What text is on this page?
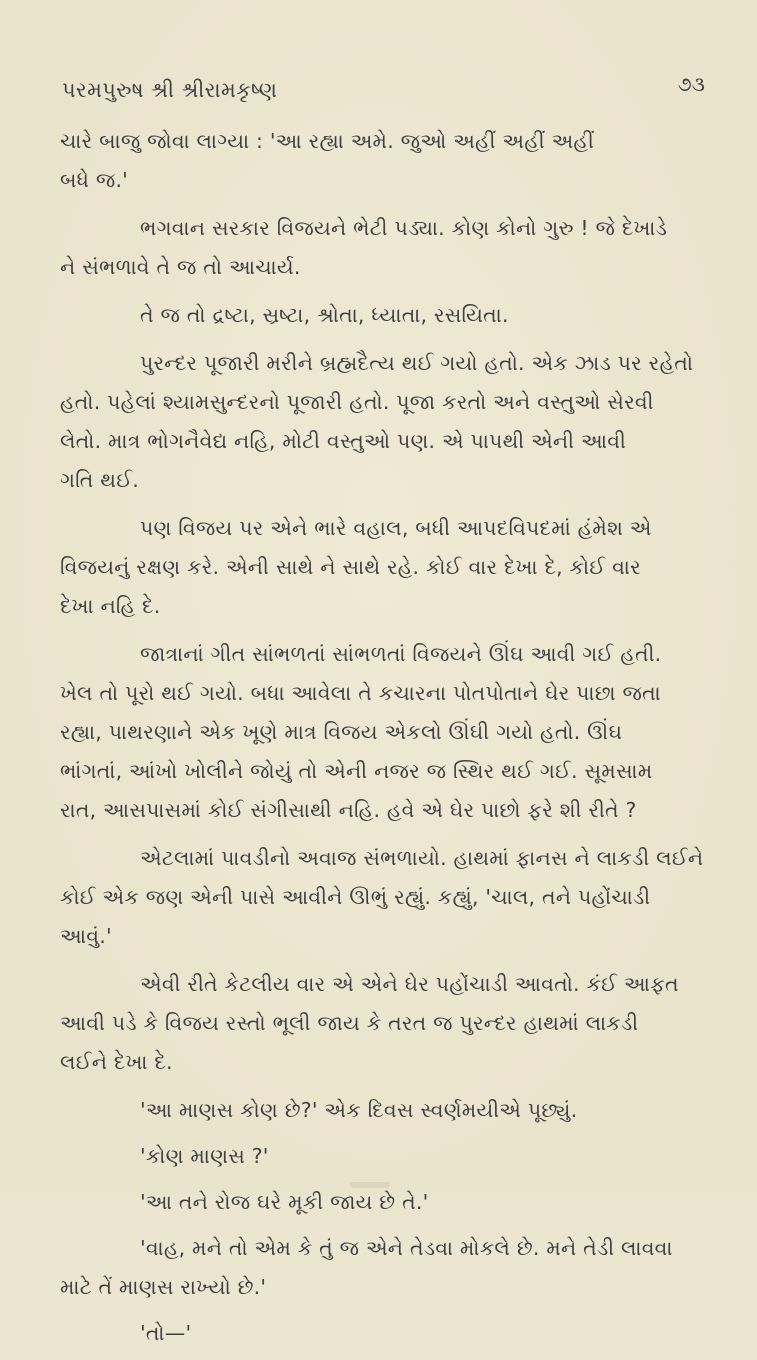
પરમપુરુષ શ્રી શ્રીરામકૃષ્ણ	૭૩
ચારે બાજુ જોવા લાગ્યા : 'આ રહ્યા અમે. જુઓ અહીં અહીં અહીં
બધે જ.'
ભગવાન સરકાર વિજયને ભેટી પડ્યા. કોણ કોનો ગુરુ ! જે દેખાડે
ને સંભળાવે તે જ તો આચાર્ય.
તે જ તો દ્રષ્ટા, સ્રષ્ટા, શ્રોતા, ધ્યાતા, રસયિતા.
પુરન્દર પૂજારી મરીને બ્રહ્મદૈત્ય થઈ ગયો હતો. એક ઝાડ પર રહેતો
હતો. પહેલાં શ્યામસુન્દરનો પૂજારી હતો. પૂજા કરતો અને વસ્તુઓ સેરવી
લેતો. માત્ર ભોગનૈવેદ્ય નહિ, મોટી વસ્તુઓ પણ. એ પાપથી એની આવી
ગતિ થઈ.
પણ વિજય પર એને ભારે વહાલ, બધી આપદવિપદમાં હંમેશ એ
વિજયનું રક્ષણ કરે. એની સાથે ને સાથે રહે. કોઈ વાર દેખા દે, કોઈ વાર
દેખા નહિ દે.
જાત્રાનાં ગીત સાંભળતાં સાંભળતાં વિજયને ઊંઘ આવી ગઈ હતી.
ખેલ તો પૂરો થઈ ગયો. બધા આવેલા તે કચારના પોતપોતાને ઘેર પાછા જતા
રહ્યા, પાથરણાને એક ખૂણે માત્ર વિજય એકલો ઊંઘી ગયો હતો. ઊંઘ
ભાંગતાં, આંખો ખોલીને જોયું તો એની નજર જ સ્થિર થઈ ગઈ. સૂમસામ
રાત, આસપાસમાં કોઈ સંગીસાથી નહિ. હવે એ ઘેર પાછો ફરે શી રીતે ?
એટલામાં પાવડીનો અવાજ સંભળાયો. હાથમાં ફાનસ ને લાકડી લઈને
કોઈ એક જણ એની પાસે આવીને ઊભું રહ્યું. કહ્યું, 'ચાલ, તને પહોંચાડી
આવું.'
એવી રીતે કેટલીય વાર એ એને ઘેર પહોંચાડી આવતો. કંઈ આફત
આવી પડે કે વિજય રસ્તો ભૂલી જાય કે તરત જ પુરન્દર હાથમાં લાકડી
લઈને દેખા દે.
'આ માણસ કોણ છે?' એક દિવસ સ્વર્ણમયીએ પૂછ્યું.
'કોણ માણસ ?'
'આ તને રોજ ઘરે મૂકી જાય છે તે.'
'વાહ, મને તો એમ કે તું જ એને તેડવા મોકલે છે. મને તેડી લાવવા
માટે તેં માણસ રાખ્યો છે.'
'તો—'
